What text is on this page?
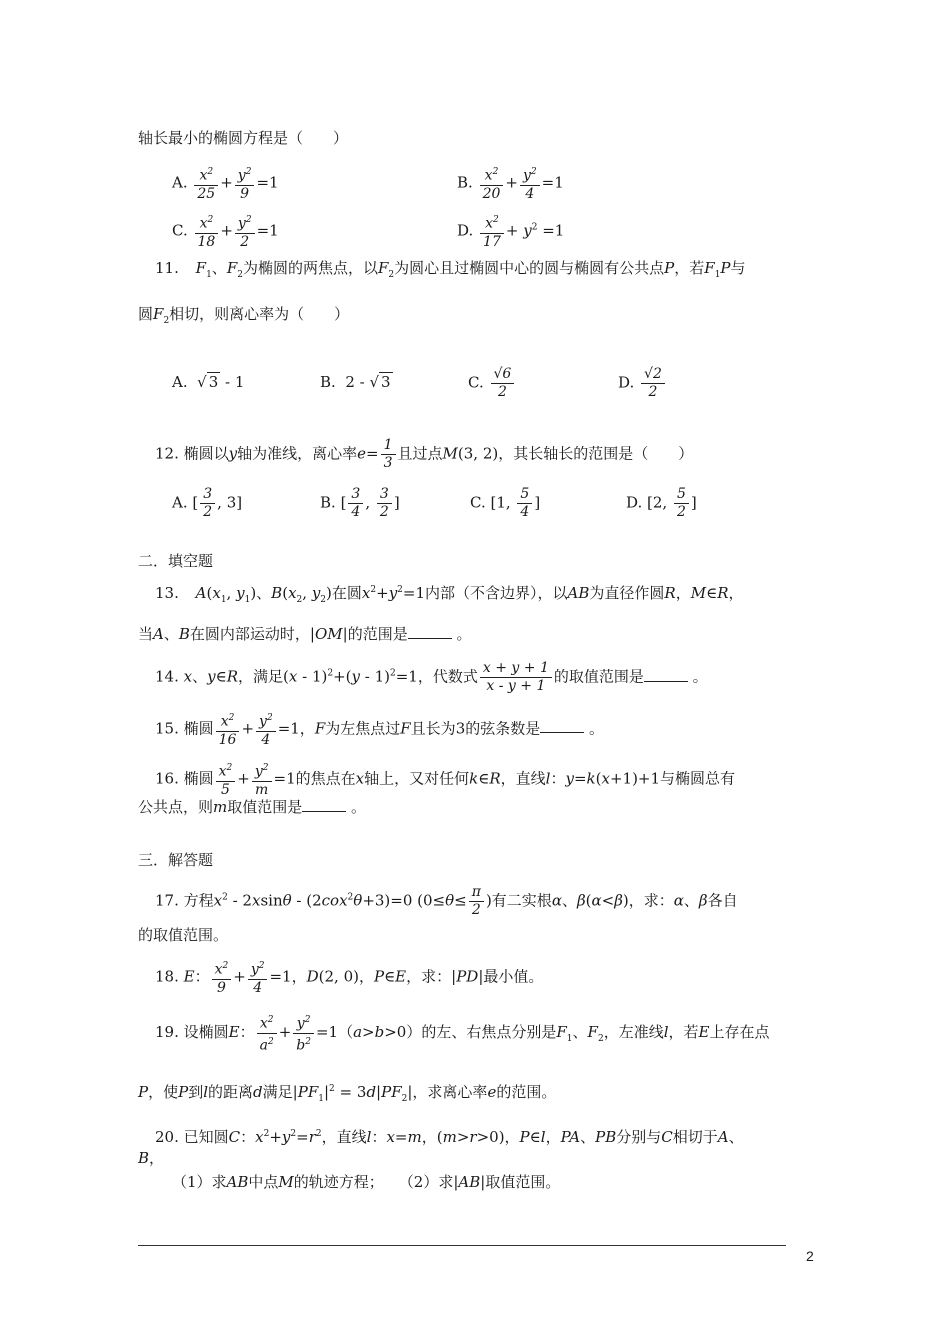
轴长最小的椭圆方程是（　　）
A. $\frac{x^2}{25} + \frac{y^2}{9} =1$	B. $\frac{x^2}{20} + \frac{y^2}{4} =1$
C. $\frac{x^2}{18} + \frac{y^2}{2} =1$	D. $\frac{x^2}{17} + y^2 =1$
11. $F_1$、$F_2$为椭圆的两焦点，以$F_2$为圆心且过椭圆中心的圆与椭圆有公共点P，若$F_1P$与
圆$F_2$相切，则离心率为（　　）
A.  √ 3 - 1	B.  2 - √ 3	C. $\frac{√6}{2}$	D. $\frac{√2}{2}$
12. 椭圆以y轴为准线，离心率$e= \frac{1}{3}$ 且过点M(3, 2)，其长轴长的范围是（　　）
A. [ $\frac{3}{2}$ , 3]	B. [ $\frac{3}{4}$ , $\frac{3}{2}$ ]	C. [1, $\frac{5}{4}$ ]	D. [2, $\frac{5}{2}$ ]
二．填空题
13. $A(x_1$, $y_1$)、$B(x_2$, $y_2$)在圆$x^2+y^2=1$内部（不含边界），以AB为直径作圆R，M∈R，
当A、B在圆内部运动时，|OM|的范围是	。
14. x、y∈R，满足(x - 1)$^2$+(y - 1)$^2$=1，代数式 $\frac{x + y + 1}{x - y + 1}$ 的取值范围是	。
15. 椭圆 $\frac{x^2}{16} + \frac{y^2}{4} =1$，F为左焦点过F且长为3的弦条数是	。
16. 椭圆 $\frac{x^2}{5} + \frac{y^2}{m} =1$的焦点在x轴上，又对任何k∈R，直线l：y=k(x+1)+1与椭圆总有
公共点，则m取值范围是	。
三．解答题
17. 方程$x^2 - 2xsin\theta - (2cox^2\theta+3)=0$ ($0\le\theta\le \frac{\pi}{2}$ )有二实根α、β(α<β)，求：α、β各自
的取值范围。
18. E： $\frac{x^2}{9} + \frac{y^2}{4} =1$，D(2, 0)，P∈E，求：|PD|最小值。
19. 设椭圆E： $\frac{x^2}{a^2} + \frac{y^2}{b^2} =1(a>b>0)$的左、右焦点分别是$F_1$、$F_2$，左准线l，若E上存在点
P，使P到l的距离d满足$|PF_1|^2 = 3d|PF_2|$，求离心率e的范围。
20. 已知圆C：$x^2+y^2=r^2$，直线l：x=m，(m>r>0)，P∈l，PA、PB分别与C相切于A、
B，
（1）求AB中点M的轨迹方程；　　（2）求|AB|取值范围。
2
